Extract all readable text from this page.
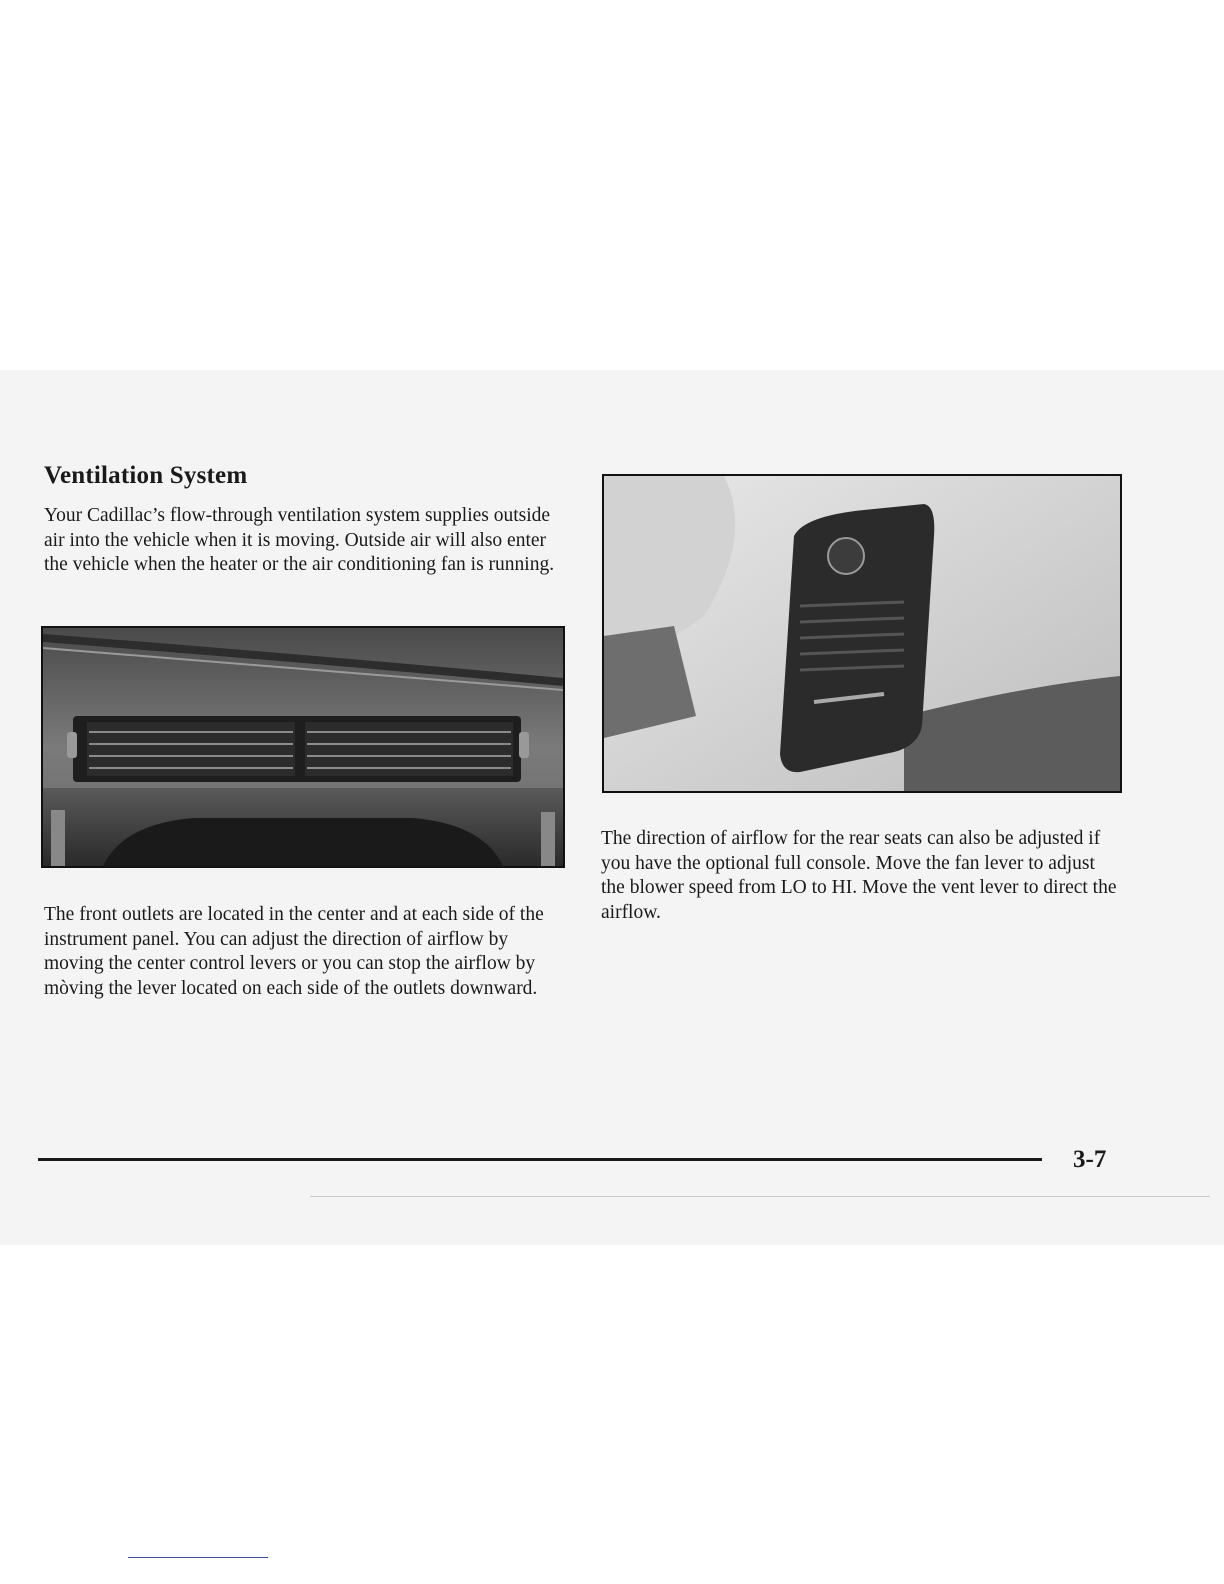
Ventilation System

Your Cadillac’s flow-through ventilation system supplies outside air into the vehicle when it is moving. Outside air will also enter the vehicle when the heater or the air conditioning fan is running.

The front outlets are located in the center and at each side of the instrument panel. You can adjust the direction of airflow by moving the center control levers or you can stop the airflow by mòving the lever located on each side of the outlets downward.

The direction of airflow for the rear seats can also be adjusted if you have the optional full console. Move the fan lever to adjust the blower speed from LO to HI. Move the vent lever to direct the airflow.

3-7
